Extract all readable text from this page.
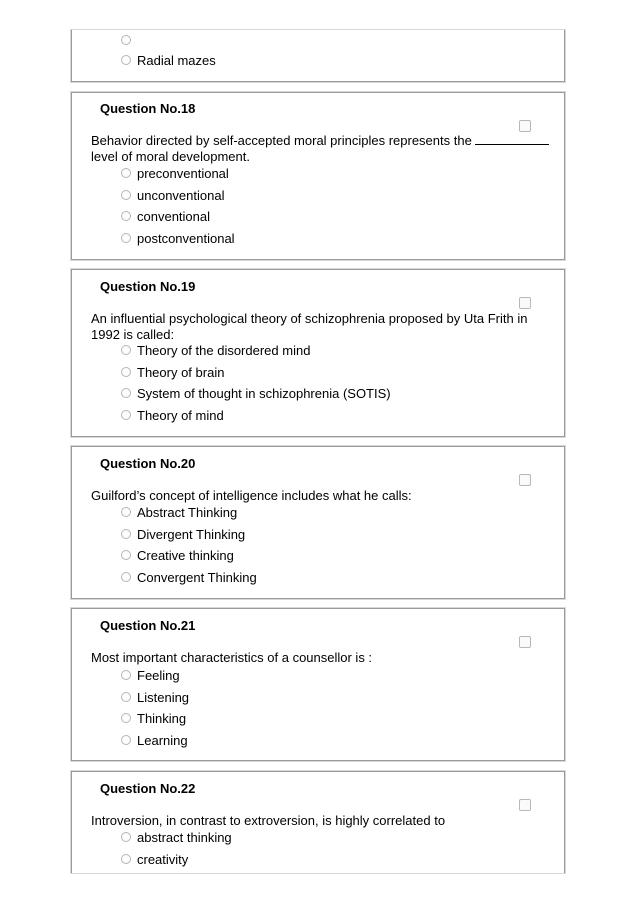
Radial mazes
Question No.18
Behavior directed by self-accepted moral principles represents the
level of moral development.
preconventional
unconventional
conventional
postconventional
Question No.19
An influential psychological theory of schizophrenia proposed by Uta Frith in
1992 is called:
Theory of the disordered mind
Theory of brain
System of thought in schizophrenia (SOTIS)
Theory of mind
Question No.20
Guilford’s concept of intelligence includes what he calls:
Abstract Thinking
Divergent Thinking
Creative thinking
Convergent Thinking
Question No.21
Most important characteristics of a counsellor is :
Feeling
Listening
Thinking
Learning
Question No.22
Introversion, in contrast to extroversion, is highly correlated to
abstract thinking
creativity
